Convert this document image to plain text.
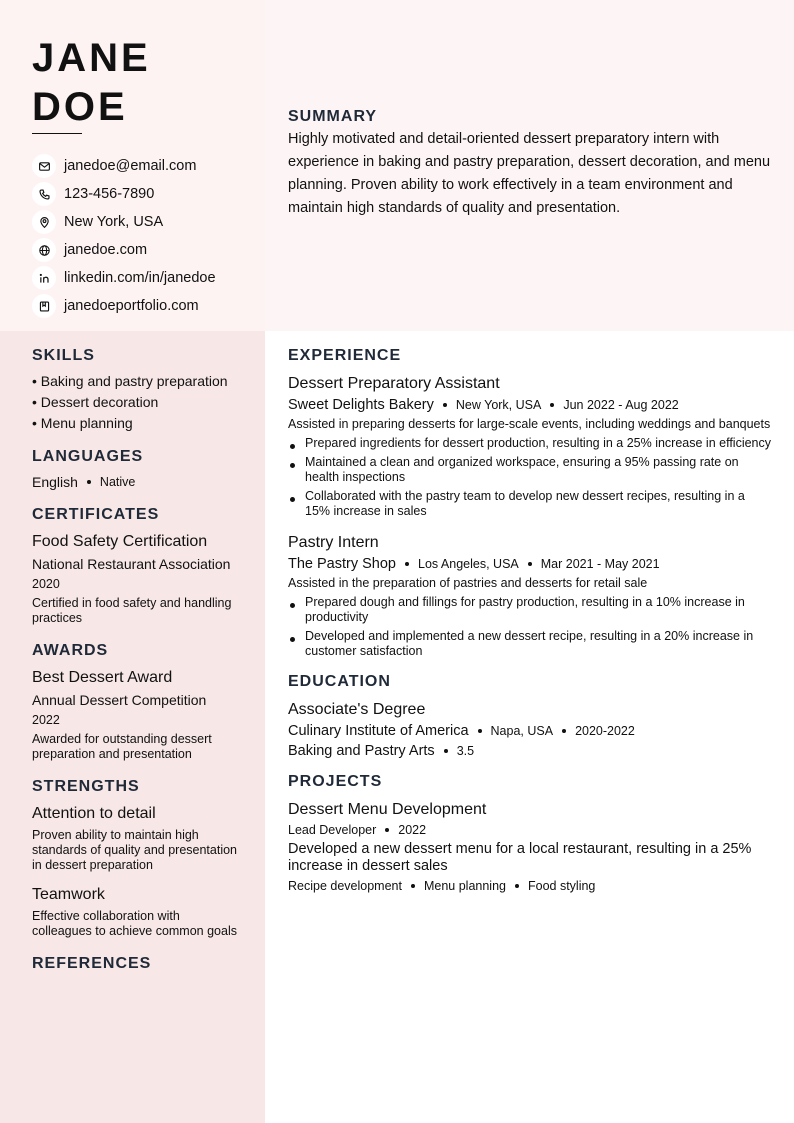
JANE
DOE
janedoe@email.com
123-456-7890
New York, USA
janedoe.com
linkedin.com/in/janedoe
janedoeportfolio.com
SUMMARY

Highly motivated and detail-oriented dessert preparatory intern with experience in baking and pastry preparation, dessert decoration, and menu planning. Proven ability to work effectively in a team environment and maintain high standards of quality and presentation.

SKILLS
• Baking and pastry preparation
• Dessert decoration
• Menu planning
LANGUAGES
English Native
CERTIFICATES
Food Safety Certification
National Restaurant Association
2020
Certified in food safety and handling practices
AWARDS
Best Dessert Award
Annual Dessert Competition
2022
Awarded for outstanding dessert preparation and presentation
STRENGTHS
Attention to detail
Proven ability to maintain high standards of quality and presentation in dessert preparation
Teamwork
Effective collaboration with colleagues to achieve common goals
REFERENCES
EXPERIENCE
Dessert Preparatory Assistant
Sweet Delights Bakery New York, USA Jun 2022 - Aug 2022
Assisted in preparing desserts for large-scale events, including weddings and banquets
Prepared ingredients for dessert production, resulting in a 25% increase in efficiency
Maintained a clean and organized workspace, ensuring a 95% passing rate on health inspections
Collaborated with the pastry team to develop new dessert recipes, resulting in a 15% increase in sales
Pastry Intern
The Pastry Shop Los Angeles, USA Mar 2021 - May 2021
Assisted in the preparation of pastries and desserts for retail sale
Prepared dough and fillings for pastry production, resulting in a 10% increase in productivity
Developed and implemented a new dessert recipe, resulting in a 20% increase in customer satisfaction
EDUCATION
Associate's Degree
Culinary Institute of America Napa, USA 2020-2022
Baking and Pastry Arts 3.5
PROJECTS
Dessert Menu Development
Lead Developer 2022
Developed a new dessert menu for a local restaurant, resulting in a 25% increase in dessert sales
Recipe development Menu planning Food styling
